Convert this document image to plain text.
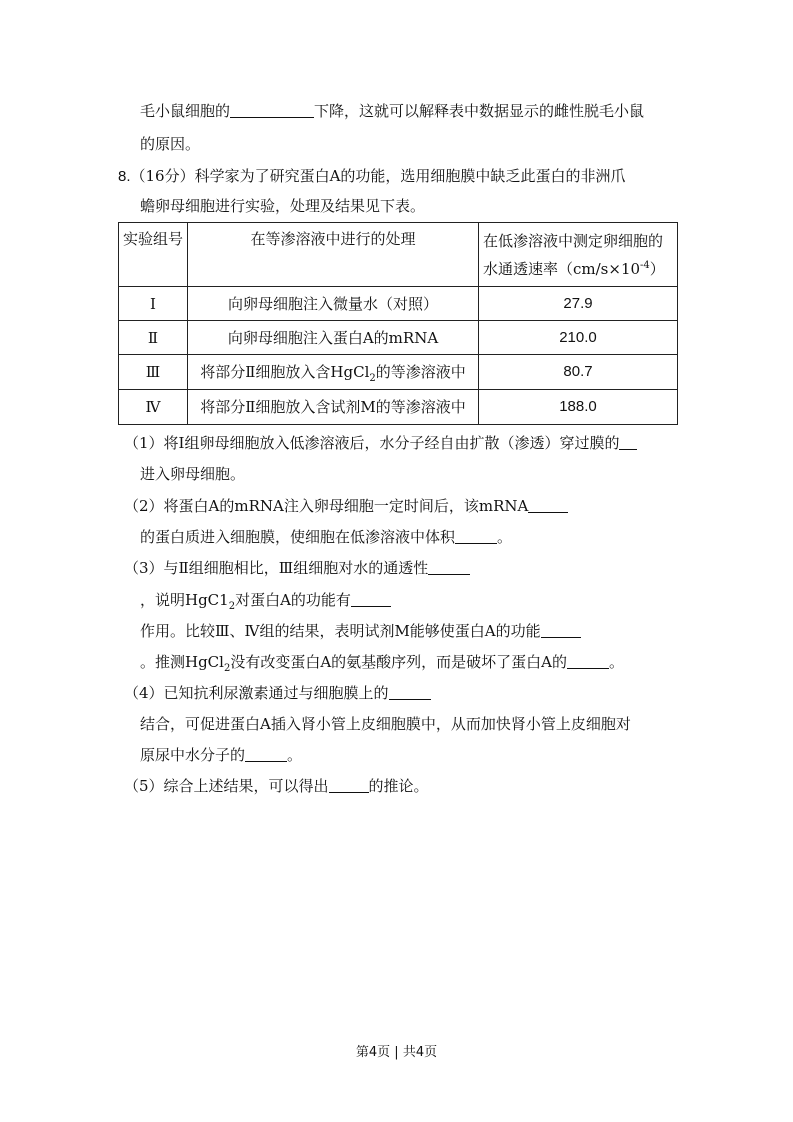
毛小鼠细胞的	下降，这就可以解释表中数据显示的雌性脱毛小鼠
的原因。
8.（16分）科学家为了研究蛋白A的功能，选用细胞膜中缺乏此蛋白的非洲爪
蟾卵母细胞进行实验，处理及结果见下表。
实验组号	在等渗溶液中进行的处理	在低渗溶液中测定卵细胞的
水通透速率$(cm/s\times 10^{-4})$
Ⅰ	向卵母细胞注入微量水（对照）	27.9
Ⅱ	向卵母细胞注入蛋白A的mRNA	210.0
Ⅲ	将部分Ⅱ细胞放入含HgCl$_2$的等渗溶液中	80.7
Ⅳ	将部分Ⅱ细胞放入含试剂M的等渗溶液中	188.0
（1）将Ⅰ组卵母细胞放入低渗溶液后，水分子经自由扩散（渗透）穿过膜的
进入卵母细胞。
（2）将蛋白A的mRNA注入卵母细胞一定时间后，该mRNA
的蛋白质进入细胞膜，使细胞在低渗溶液中体积	。
（3）与Ⅱ组细胞相比，Ⅲ组细胞对水的通透性
，说明$HgC1_2$对蛋白A的功能有
作用。比较Ⅲ、Ⅳ组的结果，表明试剂M能够使蛋白A的功能
。推测HgCl$_2$没有改变蛋白A的氨基酸序列，而是破坏了蛋白A的	。
（4）已知抗利尿激素通过与细胞膜上的
结合，可促进蛋白A插入肾小管上皮细胞膜中，从而加快肾小管上皮细胞对
原尿中水分子的	。
（5）综合上述结果，可以得出	的推论。
第4页 | 共4页
